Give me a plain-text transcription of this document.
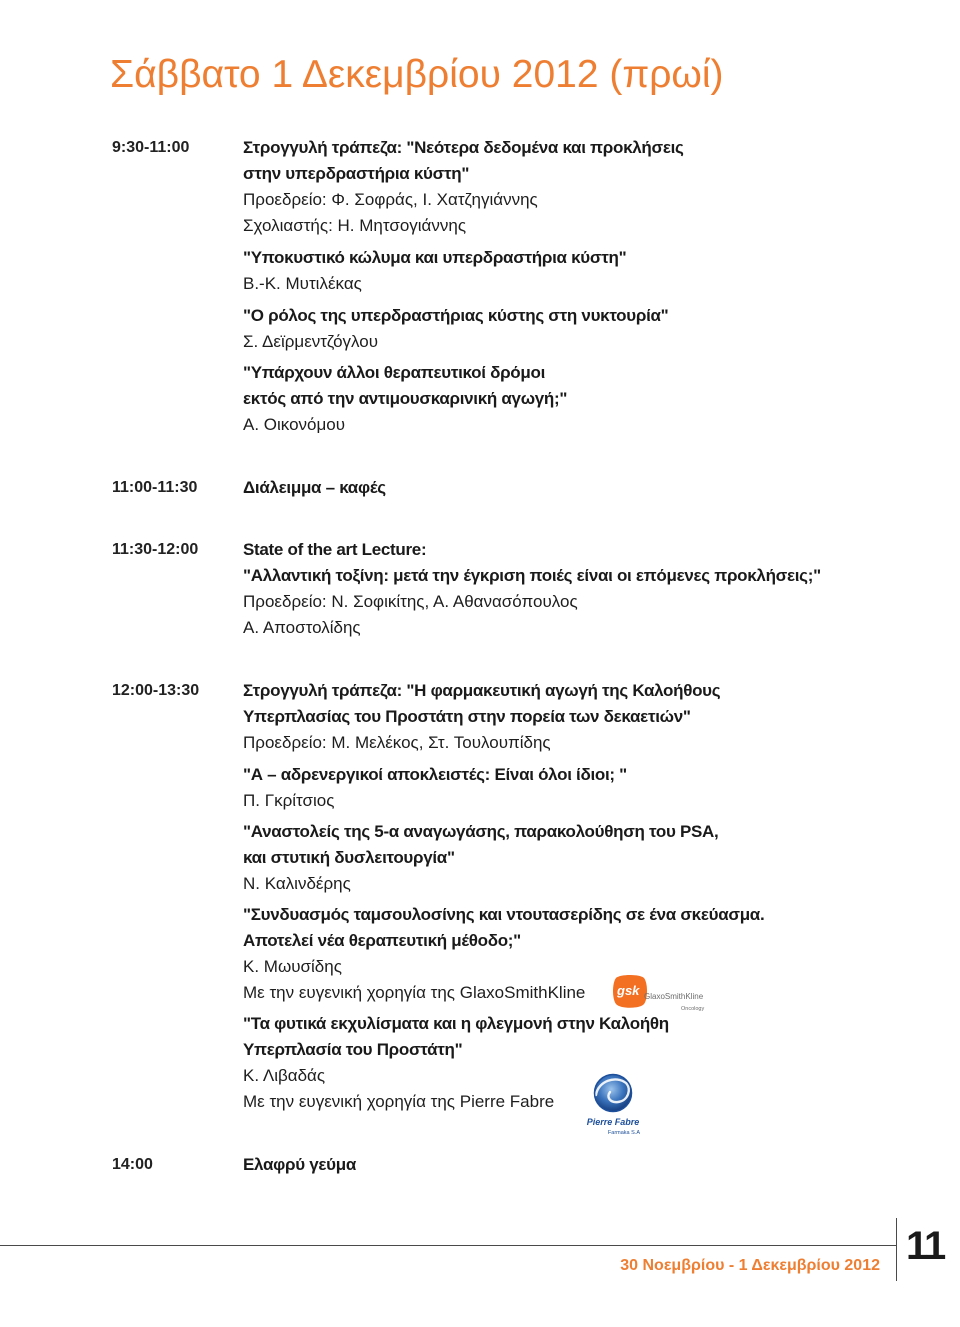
Σάββατο 1 Δεκεμβρίου 2012 (πρωί)
9:30-11:00	Στρογγυλή τράπεζα: "Νεότερα δεδομένα και προκλήσεις
στην υπερδραστήρια κύστη"
Προεδρείο: Φ. Σοφράς, Ι. Χατζηγιάννης
Σχολιαστής: Η. Μητσογιάννης
"Υποκυστικό κώλυμα και υπερδραστήρια κύστη"
Β.-Κ. Μυτιλέκας
"Ο ρόλος της υπερδραστήριας κύστης στη νυκτουρία"
Σ. Δεϊρμεντζόγλου
"Υπάρχουν άλλοι θεραπευτικοί δρόμοι
εκτός από την αντιμουσκαρινική αγωγή;"
Α. Οικονόμου
11:00-11:30	Διάλειμμα – καφές
11:30-12:00	State of the art Lecture:
"Αλλαντική τοξίνη: μετά την έγκριση ποιές είναι οι επόμενες προκλήσεις;"
Προεδρείο: Ν. Σοφικίτης, Α. Αθανασόπουλος
Α. Αποστολίδης
12:00-13:30	Στρογγυλή τράπεζα: "Η φαρμακευτική αγωγή της Καλοήθους
Υπερπλασίας του Προστάτη στην πορεία των δεκαετιών"
Προεδρείο: Μ. Μελέκος, Στ. Τουλουπίδης
"Α – αδρενεργικοί αποκλειστές: Είναι όλοι ίδιοι; "
Π. Γκρίτσιος
"Αναστολείς της 5-α αναγωγάσης, παρακολούθηση του PSA,
και στυτική δυσλειτουργία"
Ν. Καλινδέρης
"Συνδυασμός ταμσουλοσίνης και ντουτασερίδης σε ένα σκεύασμα.
Αποτελεί νέα θεραπευτική μέθοδο;"
Κ. Μωυσίδης
Με την ευγενική χορηγία της GlaxoSmithKline
"Τα φυτικά εκχυλίσματα και η φλεγμονή στην Καλοήθη
Υπερπλασία του Προστάτη"
Κ. Λιβαδάς
Με την ευγενική χορηγία της Pierre Fabre
14:00	Ελαφρύ γεύμα
gsk GlaxoSmithKline
Oncology
Pierre Fabre
Farmaka S.A
30 Νοεμβρίου - 1 Δεκεμβρίου 2012 11
